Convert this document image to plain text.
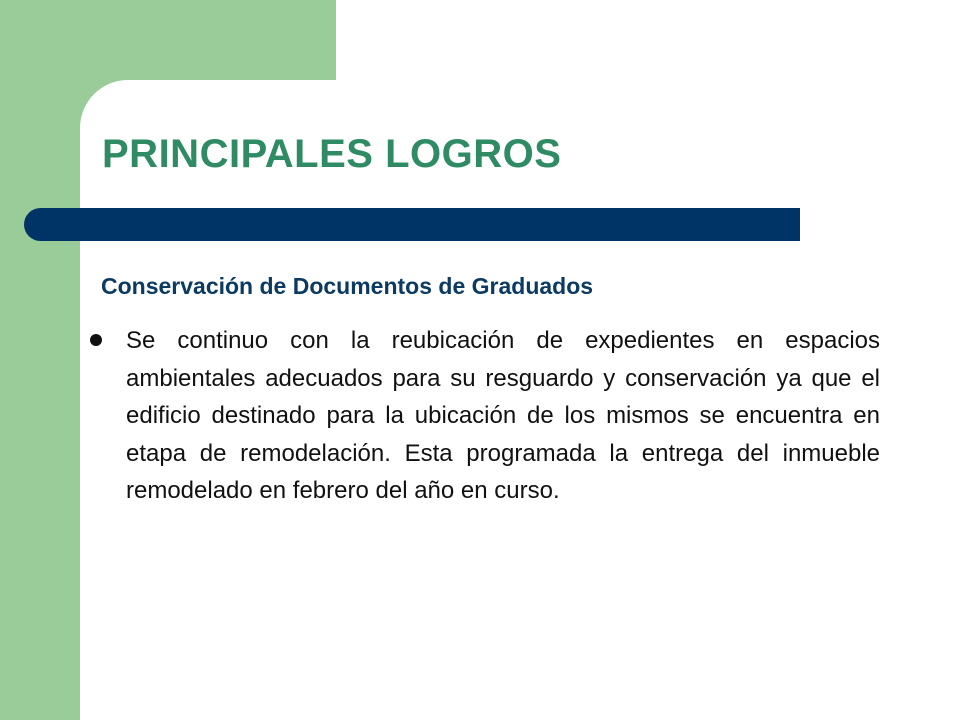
PRINCIPALES LOGROS
Conservación de Documentos de Graduados

Se continuo con la reubicación de expedientes en espacios ambientales adecuados para su resguardo y conservación ya que el edificio destinado para la ubicación de los mismos se encuentra en etapa de remodelación. Esta programada la entrega del inmueble remodelado en febrero del año en curso.
